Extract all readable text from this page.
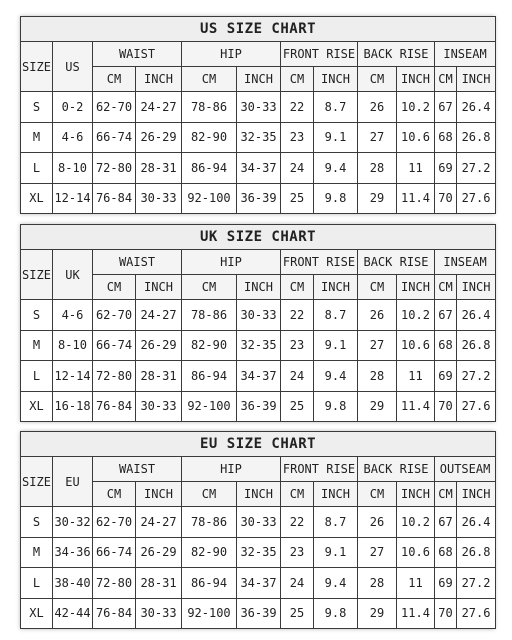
US SIZE CHART											
SIZE	US	WAIST		HIP		FRONT RISE		BACK RISE		INSEAM	
		CM	INCH	CM	INCH	CM	INCH	CM	INCH	CM	INCH
S	0-2	62-70	24-27	78-86	30-33	22	8.7	26	10.2	67	26.4
M	4-6	66-74	26-29	82-90	32-35	23	9.1	27	10.6	68	26.8
L	8-10	72-80	28-31	86-94	34-37	24	9.4	28	11	69	27.2
XL	12-14	76-84	30-33	92-100	36-39	25	9.8	29	11.4	70	27.6
UK SIZE CHART											
SIZE	UK	WAIST		HIP		FRONT RISE		BACK RISE		INSEAM	
		CM	INCH	CM	INCH	CM	INCH	CM	INCH	CM	INCH
S	4-6	62-70	24-27	78-86	30-33	22	8.7	26	10.2	67	26.4
M	8-10	66-74	26-29	82-90	32-35	23	9.1	27	10.6	68	26.8
L	12-14	72-80	28-31	86-94	34-37	24	9.4	28	11	69	27.2
XL	16-18	76-84	30-33	92-100	36-39	25	9.8	29	11.4	70	27.6
EU SIZE CHART											
SIZE	EU	WAIST		HIP		FRONT RISE		BACK RISE		OUTSEAM	
		CM	INCH	CM	INCH	CM	INCH	CM	INCH	CM	INCH
S	30-32	62-70	24-27	78-86	30-33	22	8.7	26	10.2	67	26.4
M	34-36	66-74	26-29	82-90	32-35	23	9.1	27	10.6	68	26.8
L	38-40	72-80	28-31	86-94	34-37	24	9.4	28	11	69	27.2
XL	42-44	76-84	30-33	92-100	36-39	25	9.8	29	11.4	70	27.6
